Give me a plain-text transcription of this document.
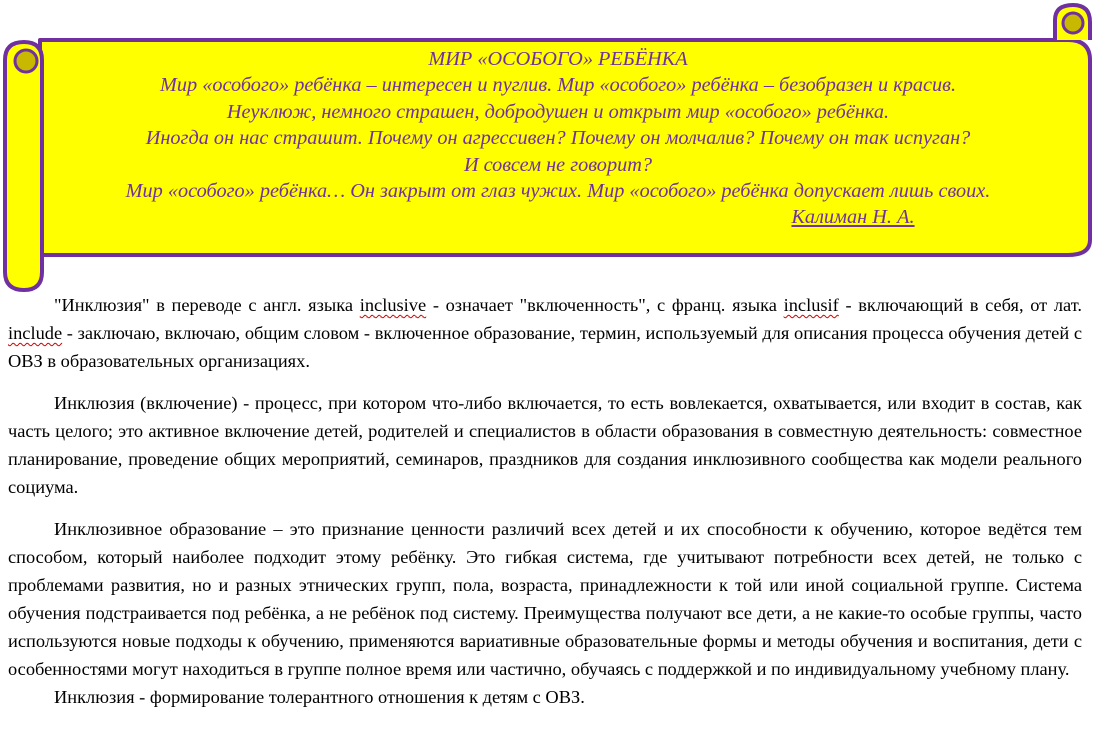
МИР «ОСОБОГО» РЕБЁНКА
Мир «особого» ребёнка – интересен и пуглив. Мир «особого» ребёнка – безобразен и красив.
Неуклюж, немного страшен, добродушен и открыт мир «особого» ребёнка.
Иногда он нас страшит. Почему он агрессивен? Почему он молчалив? Почему он так испуган?
И совсем не говорит?
Мир «особого» ребёнка… Он закрыт от глаз чужих. Мир «особого» ребёнка допускает лишь своих.
Калиман Н. А.

"Инклюзия" в переводе с англ. языка inclusive - означает "включенность", с франц. языка inclusif - включающий в себя, от лат. include - заключаю, включаю, общим словом - включенное образование, термин, используемый для описания процесса обучения детей с ОВЗ в образовательных организациях.

Инклюзия (включение) - процесс, при котором что-либо включается, то есть вовлекается, охватывается, или входит в состав, как часть целого; это активное включение детей, родителей и специалистов в области образования в совместную деятельность: совместное планирование, проведение общих мероприятий, семинаров, праздников для создания инклюзивного сообщества как модели реального социума.

Инклюзивное образование – это признание ценности различий всех детей и их способности к обучению, которое ведётся тем способом, который наиболее подходит этому ребёнку. Это гибкая система, где учитывают потребности всех детей, не только с проблемами развития, но и разных этнических групп, пола, возраста, принадлежности к той или иной социальной группе. Система обучения подстраивается под ребёнка, а не ребёнок под систему. Преимущества получают все дети, а не какие-то особые группы, часто используются новые подходы к обучению, применяются вариативные образовательные формы и методы обучения и воспитания, дети с особенностями могут находиться в группе полное время или частично, обучаясь с поддержкой и по индивидуальному учебному плану.

Инклюзия - формирование толерантного отношения к детям с ОВЗ.
